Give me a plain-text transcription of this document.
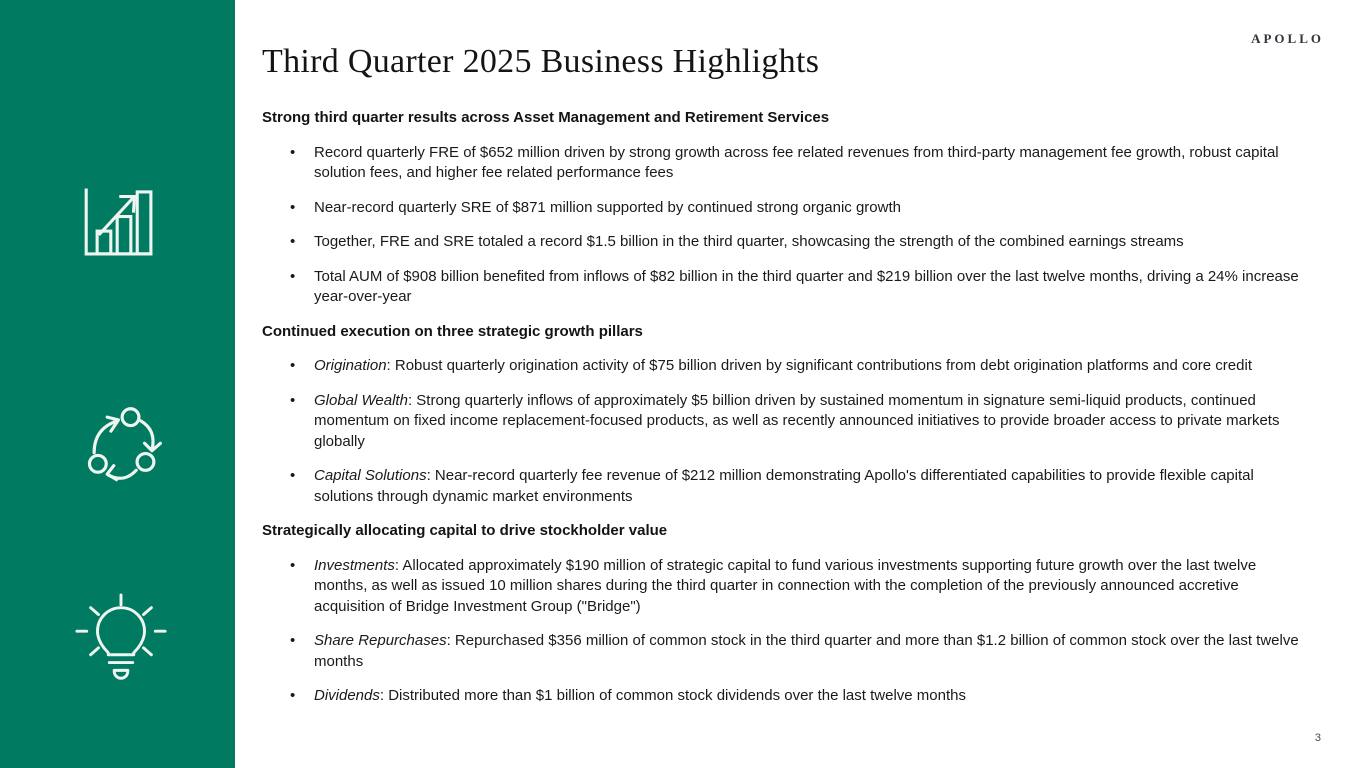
APOLLO
Third Quarter 2025 Business Highlights
Strong third quarter results across Asset Management and Retirement Services
• Record quarterly FRE of $652 million driven by strong growth across fee related revenues from third-party management fee growth, robust capital solution fees, and higher fee related performance fees
• Near-record quarterly SRE of $871 million supported by continued strong organic growth
• Together, FRE and SRE totaled a record $1.5 billion in the third quarter, showcasing the strength of the combined earnings streams
• Total AUM of $908 billion benefited from inflows of $82 billion in the third quarter and $219 billion over the last twelve months, driving a 24% increase year-over-year
Continued execution on three strategic growth pillars
• Origination: Robust quarterly origination activity of $75 billion driven by significant contributions from debt origination platforms and core credit
• Global Wealth: Strong quarterly inflows of approximately $5 billion driven by sustained momentum in signature semi-liquid products, continued momentum on fixed income replacement-focused products, as well as recently announced initiatives to provide broader access to private markets globally
• Capital Solutions: Near-record quarterly fee revenue of $212 million demonstrating Apollo's differentiated capabilities to provide flexible capital solutions through dynamic market environments
Strategically allocating capital to drive stockholder value
• Investments: Allocated approximately $190 million of strategic capital to fund various investments supporting future growth over the last twelve months, as well as issued 10 million shares during the third quarter in connection with the completion of the previously announced accretive acquisition of Bridge Investment Group ("Bridge")
• Share Repurchases: Repurchased $356 million of common stock in the third quarter and more than $1.2 billion of common stock over the last twelve months
• Dividends: Distributed more than $1 billion of common stock dividends over the last twelve months
3
